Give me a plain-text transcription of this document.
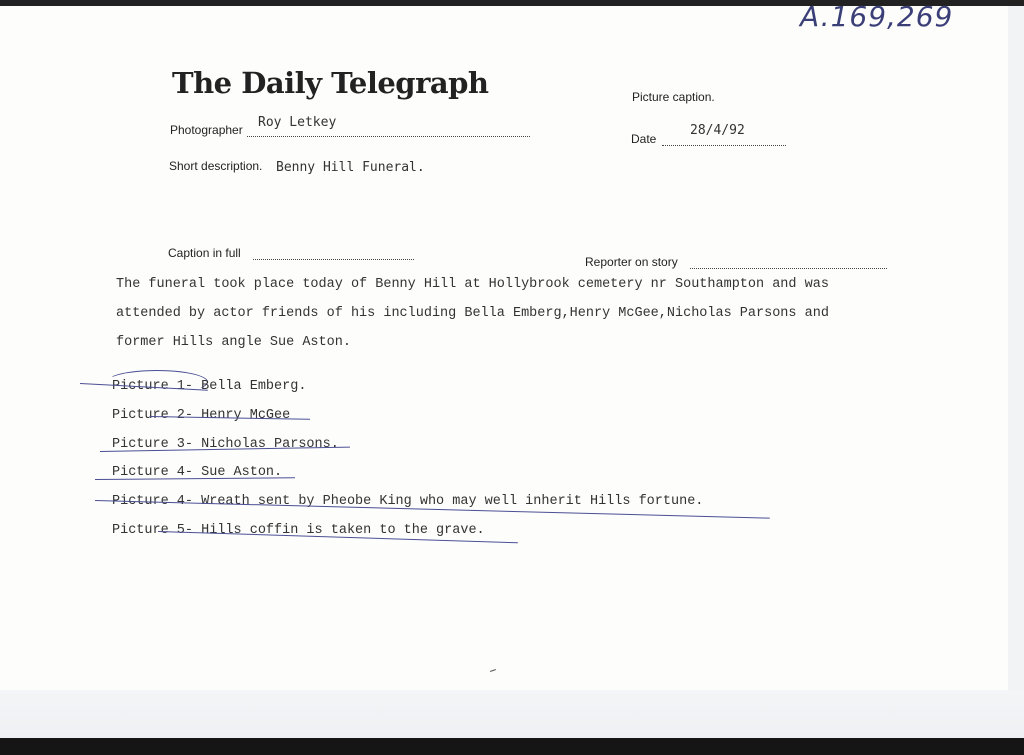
A.169,269
The Daily Telegraph	Picture caption.
Photographer Roy Letkey
Date
28/4/92
Short description. Benny Hill Funeral.
Caption in full
Reporter on story
The funeral took place today of Benny Hill at Hollybrook cemetery nr Southampton and was
attended by actor friends of his including Bella Emberg,Henry McGee,Nicholas Parsons and
former Hills angle Sue Aston.
Picture 1- Bella Emberg.
Picture 2- Henry McGee
Picture 3- Nicholas Parsons.
Picture 4- Sue Aston.
Picture 4- Wreath sent by Pheobe King who may well inherit Hills fortune.
Picture 5- Hills coffin is taken to the grave.
